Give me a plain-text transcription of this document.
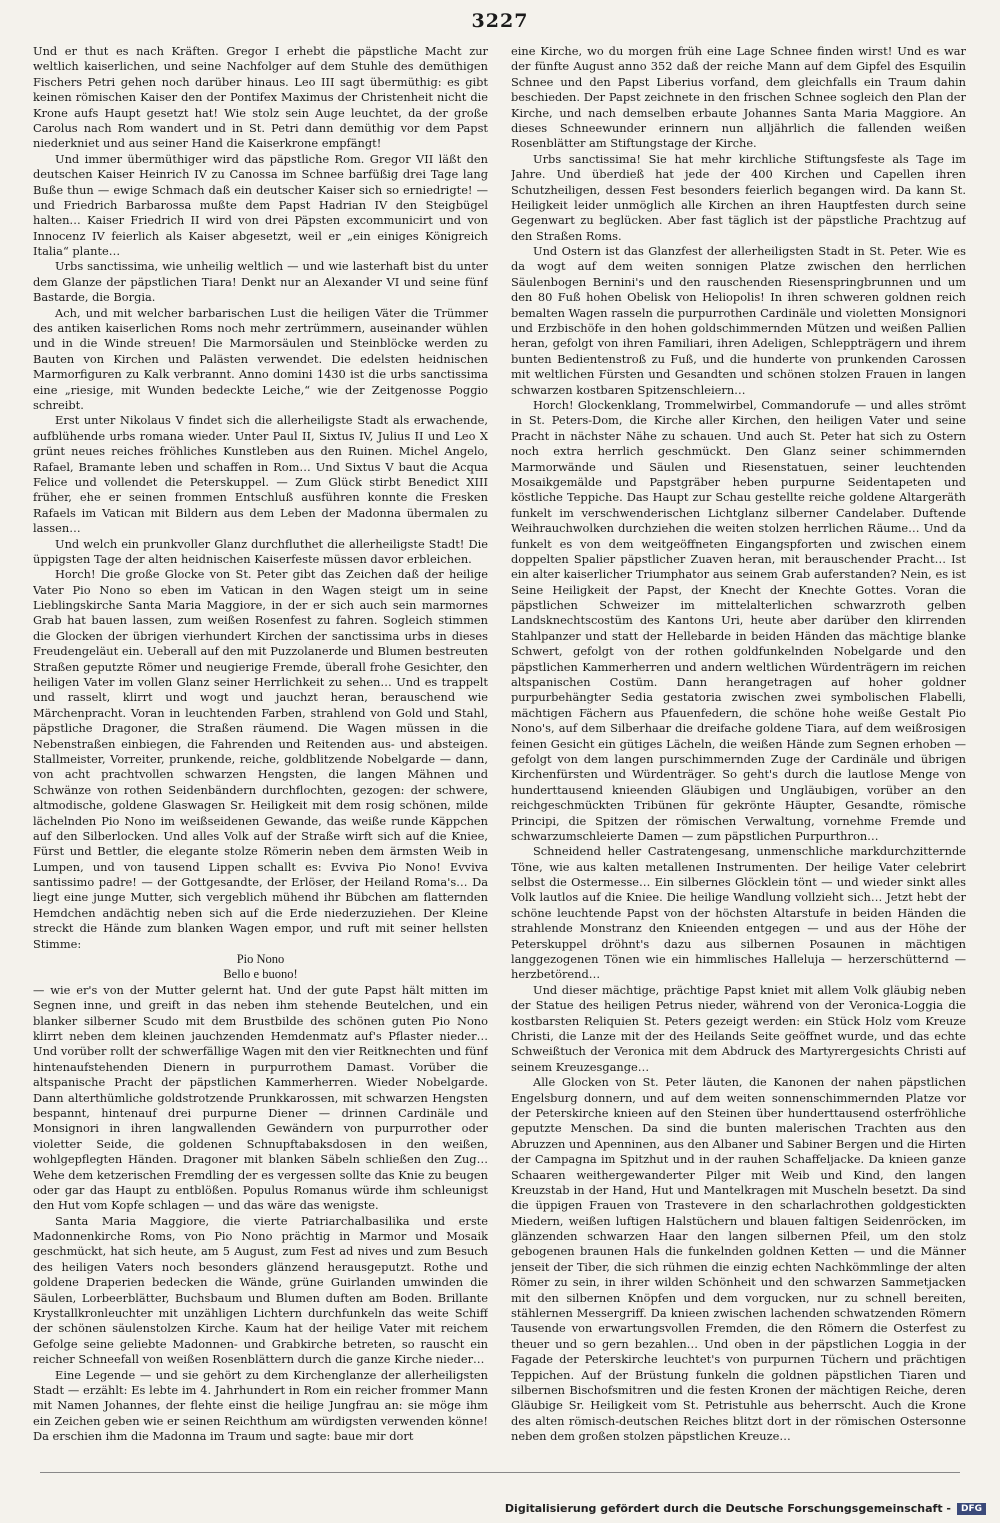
3227

Und er thut es nach Kräften. Gregor I erhebt die päpstliche Macht zur weltlich kaiserlichen, und seine Nachfolger auf dem Stuhle des demüthigen Fischers Petri gehen noch darüber hinaus. Leo III sagt übermüthig: es gibt keinen römischen Kaiser den der Pontifex Maximus der Christenheit nicht die Krone aufs Haupt gesetzt hat! Wie stolz sein Auge leuchtet, da der große Carolus nach Rom wandert und in St. Petri dann demüthig vor dem Papst niederkniet und aus seiner Hand die Kaiserkrone empfängt!

Und immer übermüthiger wird das päpstliche Rom. Gregor VII läßt den deutschen Kaiser Heinrich IV zu Canossa im Schnee barfüßig drei Tage lang Buße thun — ewige Schmach daß ein deutscher Kaiser sich so erniedrigte! — und Friedrich Barbarossa mußte dem Papst Hadrian IV den Steigbügel halten… Kaiser Friedrich II wird von drei Päpsten excommunicirt und von Innocenz IV feierlich als Kaiser abgesetzt, weil er „ein einiges Königreich Italia“ plante…

Urbs sanctissima, wie unheilig weltlich — und wie lasterhaft bist du unter dem Glanze der päpstlichen Tiara! Denkt nur an Alexander VI und seine fünf Bastarde, die Borgia.

Ach, und mit welcher barbarischen Lust die heiligen Väter die Trümmer des antiken kaiserlichen Roms noch mehr zertrümmern, auseinander wühlen und in die Winde streuen! Die Marmorsäulen und Steinblöcke werden zu Bauten von Kirchen und Palästen verwendet. Die edelsten heidnischen Marmorfiguren zu Kalk verbrannt. Anno domini 1430 ist die urbs sanctissima eine „riesige, mit Wunden bedeckte Leiche,“ wie der Zeitgenosse Poggio schreibt.

Erst unter Nikolaus V findet sich die allerheiligste Stadt als erwachende, aufblühende urbs romana wieder. Unter Paul II, Sixtus IV, Julius II und Leo X grünt neues reiches fröhliches Kunstleben aus den Ruinen. Michel Angelo, Rafael, Bramante leben und schaffen in Rom… Und Sixtus V baut die Acqua Felice und vollendet die Peterskuppel. — Zum Glück stirbt Benedict XIII früher, ehe er seinen frommen Entschluß ausführen konnte die Fresken Rafaels im Vatican mit Bildern aus dem Leben der Madonna übermalen zu lassen…

Und welch ein prunkvoller Glanz durchfluthet die allerheiligste Stadt! Die üppigsten Tage der alten heidnischen Kaiserfeste müssen davor erbleichen.

Horch! Die große Glocke von St. Peter gibt das Zeichen daß der heilige Vater Pio Nono so eben im Vatican in den Wagen steigt um in seine Lieblingskirche Santa Maria Maggiore, in der er sich auch sein marmornes Grab hat bauen lassen, zum weißen Rosenfest zu fahren. Sogleich stimmen die Glocken der übrigen vierhundert Kirchen der sanctissima urbs in dieses Freudengeläut ein. Ueberall auf den mit Puzzolanerde und Blumen bestreuten Straßen geputzte Römer und neugierige Fremde, überall frohe Gesichter, den heiligen Vater im vollen Glanz seiner Herrlichkeit zu sehen… Und es trappelt und rasselt, klirrt und wogt und jauchzt heran, berauschend wie Märchenpracht. Voran in leuchtenden Farben, strahlend von Gold und Stahl, päpstliche Dragoner, die Straßen räumend. Die Wagen müssen in die Nebenstraßen einbiegen, die Fahrenden und Reitenden aus- und absteigen. Stallmeister, Vorreiter, prunkende, reiche, goldblitzende Nobelgarde — dann, von acht prachtvollen schwarzen Hengsten, die langen Mähnen und Schwänze von rothen Seidenbändern durchflochten, gezogen: der schwere, altmodische, goldene Glaswagen Sr. Heiligkeit mit dem rosig schönen, milde lächelnden Pio Nono im weißseidenen Gewande, das weiße runde Käppchen auf den Silberlocken. Und alles Volk auf der Straße wirft sich auf die Kniee, Fürst und Bettler, die elegante stolze Römerin neben dem ärmsten Weib in Lumpen, und von tausend Lippen schallt es: Evviva Pio Nono! Evviva santissimo padre! — der Gottgesandte, der Erlöser, der Heiland Roma's… Da liegt eine junge Mutter, sich vergeblich mühend ihr Bübchen am flatternden Hemdchen andächtig neben sich auf die Erde niederzuziehen. Der Kleine streckt die Hände zum blanken Wagen empor, und ruft mit seiner hellsten Stimme:

Pio Nono

Bello e buono!

— wie er's von der Mutter gelernt hat. Und der gute Papst hält mitten im Segnen inne, und greift in das neben ihm stehende Beutelchen, und ein blanker silberner Scudo mit dem Brustbilde des schönen guten Pio Nono klirrt neben dem kleinen jauchzenden Hemdenmatz auf's Pflaster nieder… Und vorüber rollt der schwerfällige Wagen mit den vier Reitknechten und fünf hintenaufstehenden Dienern in purpurrothem Damast. Vorüber die altspanische Pracht der päpstlichen Kammerherren. Wieder Nobelgarde. Dann alterthümliche goldstrotzende Prunkkarossen, mit schwarzen Hengsten bespannt, hintenauf drei purpurne Diener — drinnen Cardinäle und Monsignori in ihren langwallenden Gewändern von purpurrother oder violetter Seide, die goldenen Schnupftabaksdosen in den weißen, wohlgepflegten Händen. Dragoner mit blanken Säbeln schließen den Zug… Wehe dem ketzerischen Fremdling der es vergessen sollte das Knie zu beugen oder gar das Haupt zu entblößen. Populus Romanus würde ihm schleunigst den Hut vom Kopfe schlagen — und das wäre das wenigste.

Santa Maria Maggiore, die vierte Patriarchalbasilika und erste Madonnenkirche Roms, von Pio Nono prächtig in Marmor und Mosaik geschmückt, hat sich heute, am 5 August, zum Fest ad nives und zum Besuch des heiligen Vaters noch besonders glänzend herausgeputzt. Rothe und goldene Draperien bedecken die Wände, grüne Guirlanden umwinden die Säulen, Lorbeerblätter, Buchsbaum und Blumen duften am Boden. Brillante Krystallkronleuchter mit unzähligen Lichtern durchfunkeln das weite Schiff der schönen säulenstolzen Kirche. Kaum hat der heilige Vater mit reichem Gefolge seine geliebte Madonnen- und Grabkirche betreten, so rauscht ein reicher Schneefall von weißen Rosenblättern durch die ganze Kirche nieder…

Eine Legende — und sie gehört zu dem Kirchenglanze der allerheiligsten Stadt — erzählt: Es lebte im 4. Jahrhundert in Rom ein reicher frommer Mann mit Namen Johannes, der flehte einst die heilige Jungfrau an: sie möge ihm ein Zeichen geben wie er seinen Reichthum am würdigsten verwenden könne! Da erschien ihm die Madonna im Traum und sagte: baue mir dort

eine Kirche, wo du morgen früh eine Lage Schnee finden wirst! Und es war der fünfte August anno 352 daß der reiche Mann auf dem Gipfel des Esquilin Schnee und den Papst Liberius vorfand, dem gleichfalls ein Traum dahin beschieden. Der Papst zeichnete in den frischen Schnee sogleich den Plan der Kirche, und nach demselben erbaute Johannes Santa Maria Maggiore. An dieses Schneewunder erinnern nun alljährlich die fallenden weißen Rosenblätter am Stiftungstage der Kirche.

Urbs sanctissima! Sie hat mehr kirchliche Stiftungsfeste als Tage im Jahre. Und überdieß hat jede der 400 Kirchen und Capellen ihren Schutzheiligen, dessen Fest besonders feierlich begangen wird. Da kann St. Heiligkeit leider unmöglich alle Kirchen an ihren Hauptfesten durch seine Gegenwart zu beglücken. Aber fast täglich ist der päpstliche Prachtzug auf den Straßen Roms.

Und Ostern ist das Glanzfest der allerheiligsten Stadt in St. Peter. Wie es da wogt auf dem weiten sonnigen Platze zwischen den herrlichen Säulenbogen Bernini's und den rauschenden Riesenspringbrunnen und um den 80 Fuß hohen Obelisk von Heliopolis! In ihren schweren goldnen reich bemalten Wagen rasseln die purpurrothen Cardinäle und violetten Monsignori und Erzbischöfe in den hohen goldschimmernden Mützen und weißen Pallien heran, gefolgt von ihren Familiari, ihren Adeligen, Schleppträgern und ihrem bunten Bedientenstroß zu Fuß, und die hunderte von prunkenden Carossen mit weltlichen Fürsten und Gesandten und schönen stolzen Frauen in langen schwarzen kostbaren Spitzenschleiern…

Horch! Glockenklang, Trommelwirbel, Commandorufe — und alles strömt in St. Peters-Dom, die Kirche aller Kirchen, den heiligen Vater und seine Pracht in nächster Nähe zu schauen. Und auch St. Peter hat sich zu Ostern noch extra herrlich geschmückt. Den Glanz seiner schimmernden Marmorwände und Säulen und Riesenstatuen, seiner leuchtenden Mosaikgemälde und Papstgräber heben purpurne Seidentapeten und köstliche Teppiche. Das Haupt zur Schau gestellte reiche goldene Altargeräth funkelt im verschwenderischen Lichtglanz silberner Candelaber. Duftende Weihrauchwolken durchziehen die weiten stolzen herrlichen Räume… Und da funkelt es von dem weitgeöffneten Eingangspforten und zwischen einem doppelten Spalier päpstlicher Zuaven heran, mit berauschender Pracht… Ist ein alter kaiserlicher Triumphator aus seinem Grab auferstanden? Nein, es ist Seine Heiligkeit der Papst, der Knecht der Knechte Gottes. Voran die päpstlichen Schweizer im mittelalterlichen schwarzroth gelben Landsknechtscostüm des Kantons Uri, heute aber darüber den klirrenden Stahlpanzer und statt der Hellebarde in beiden Händen das mächtige blanke Schwert, gefolgt von der rothen goldfunkelnden Nobelgarde und den päpstlichen Kammerherren und andern weltlichen Würdenträgern im reichen altspanischen Costüm. Dann herangetragen auf hoher goldner purpurbehängter Sedia gestatoria zwischen zwei symbolischen Flabelli, mächtigen Fächern aus Pfauenfedern, die schöne hohe weiße Gestalt Pio Nono's, auf dem Silberhaar die dreifache goldene Tiara, auf dem weißrosigen feinen Gesicht ein gütiges Lächeln, die weißen Hände zum Segnen erhoben — gefolgt von dem langen purschimmernden Zuge der Cardinäle und übrigen Kirchenfürsten und Würdenträger. So geht's durch die lautlose Menge von hunderttausend knieenden Gläubigen und Ungläubigen, vorüber an den reichgeschmückten Tribünen für gekrönte Häupter, Gesandte, römische Principi, die Spitzen der römischen Verwaltung, vornehme Fremde und schwarzumschleierte Damen — zum päpstlichen Purpurthron…

Schneidend heller Castratengesang, unmenschliche markdurchzitternde Töne, wie aus kalten metallenen Instrumenten. Der heilige Vater celebrirt selbst die Ostermesse… Ein silbernes Glöcklein tönt — und wieder sinkt alles Volk lautlos auf die Kniee. Die heilige Wandlung vollzieht sich… Jetzt hebt der schöne leuchtende Papst von der höchsten Altarstufe in beiden Händen die strahlende Monstranz den Knieenden entgegen — und aus der Höhe der Peterskuppel dröhnt's dazu aus silbernen Posaunen in mächtigen langgezogenen Tönen wie ein himmlisches Halleluja — herzerschütternd — herzbetörend…

Und dieser mächtige, prächtige Papst kniet mit allem Volk gläubig neben der Statue des heiligen Petrus nieder, während von der Veronica-Loggia die kostbarsten Reliquien St. Peters gezeigt werden: ein Stück Holz vom Kreuze Christi, die Lanze mit der des Heilands Seite geöffnet wurde, und das echte Schweißtuch der Veronica mit dem Abdruck des Martyrergesichts Christi auf seinem Kreuzesgange…

Alle Glocken von St. Peter läuten, die Kanonen der nahen päpstlichen Engelsburg donnern, und auf dem weiten sonnenschimmernden Platze vor der Peterskirche knieen auf den Steinen über hunderttausend osterfröhliche geputzte Menschen. Da sind die bunten malerischen Trachten aus den Abruzzen und Apenninen, aus den Albaner und Sabiner Bergen und die Hirten der Campagna im Spitzhut und in der rauhen Schaffeljacke. Da knieen ganze Schaaren weithergewanderter Pilger mit Weib und Kind, den langen Kreuzstab in der Hand, Hut und Mantelkragen mit Muscheln besetzt. Da sind die üppigen Frauen von Trastevere in den scharlachrothen goldgestickten Miedern, weißen luftigen Halstüchern und blauen faltigen Seidenröcken, im glänzenden schwarzen Haar den langen silbernen Pfeil, um den stolz gebogenen braunen Hals die funkelnden goldnen Ketten — und die Männer jenseit der Tiber, die sich rühmen die einzig echten Nachkömmlinge der alten Römer zu sein, in ihrer wilden Schönheit und den schwarzen Sammetjacken mit den silbernen Knöpfen und dem vorgucken, nur zu schnell bereiten, stählernen Messergriff. Da knieen zwischen lachenden schwatzenden Römern Tausende von erwartungsvollen Fremden, die den Römern die Osterfest zu theuer und so gern bezahlen… Und oben in der päpstlichen Loggia in der Fagade der Peterskirche leuchtet's von purpurnen Tüchern und prächtigen Teppichen. Auf der Brüstung funkeln die goldnen päpstlichen Tiaren und silbernen Bischofsmitren und die festen Kronen der mächtigen Reiche, deren Gläubige Sr. Heiligkeit vom St. Petristuhle aus beherrscht. Auch die Krone des alten römisch-deutschen Reiches blitzt dort in der römischen Ostersonne neben dem großen stolzen päpstlichen Kreuze…

Digitalisierung gefördert durch die Deutsche Forschungsgemeinschaft -	DFG
